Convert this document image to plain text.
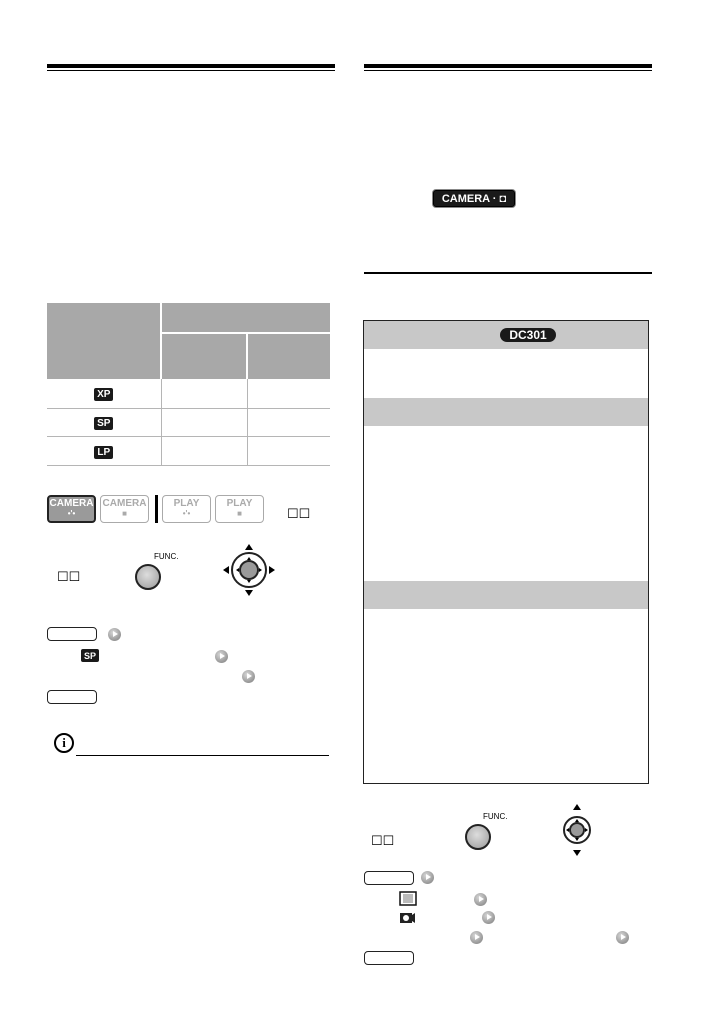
XP		
SP		
LP		
CAMERA
•'•
CAMERA
■
PLAY
•'•
PLAY
■	☐☐
☐☐
FUNC.
SP
i
CAMERA · ◘
DC301
☐☐
FUNC.
